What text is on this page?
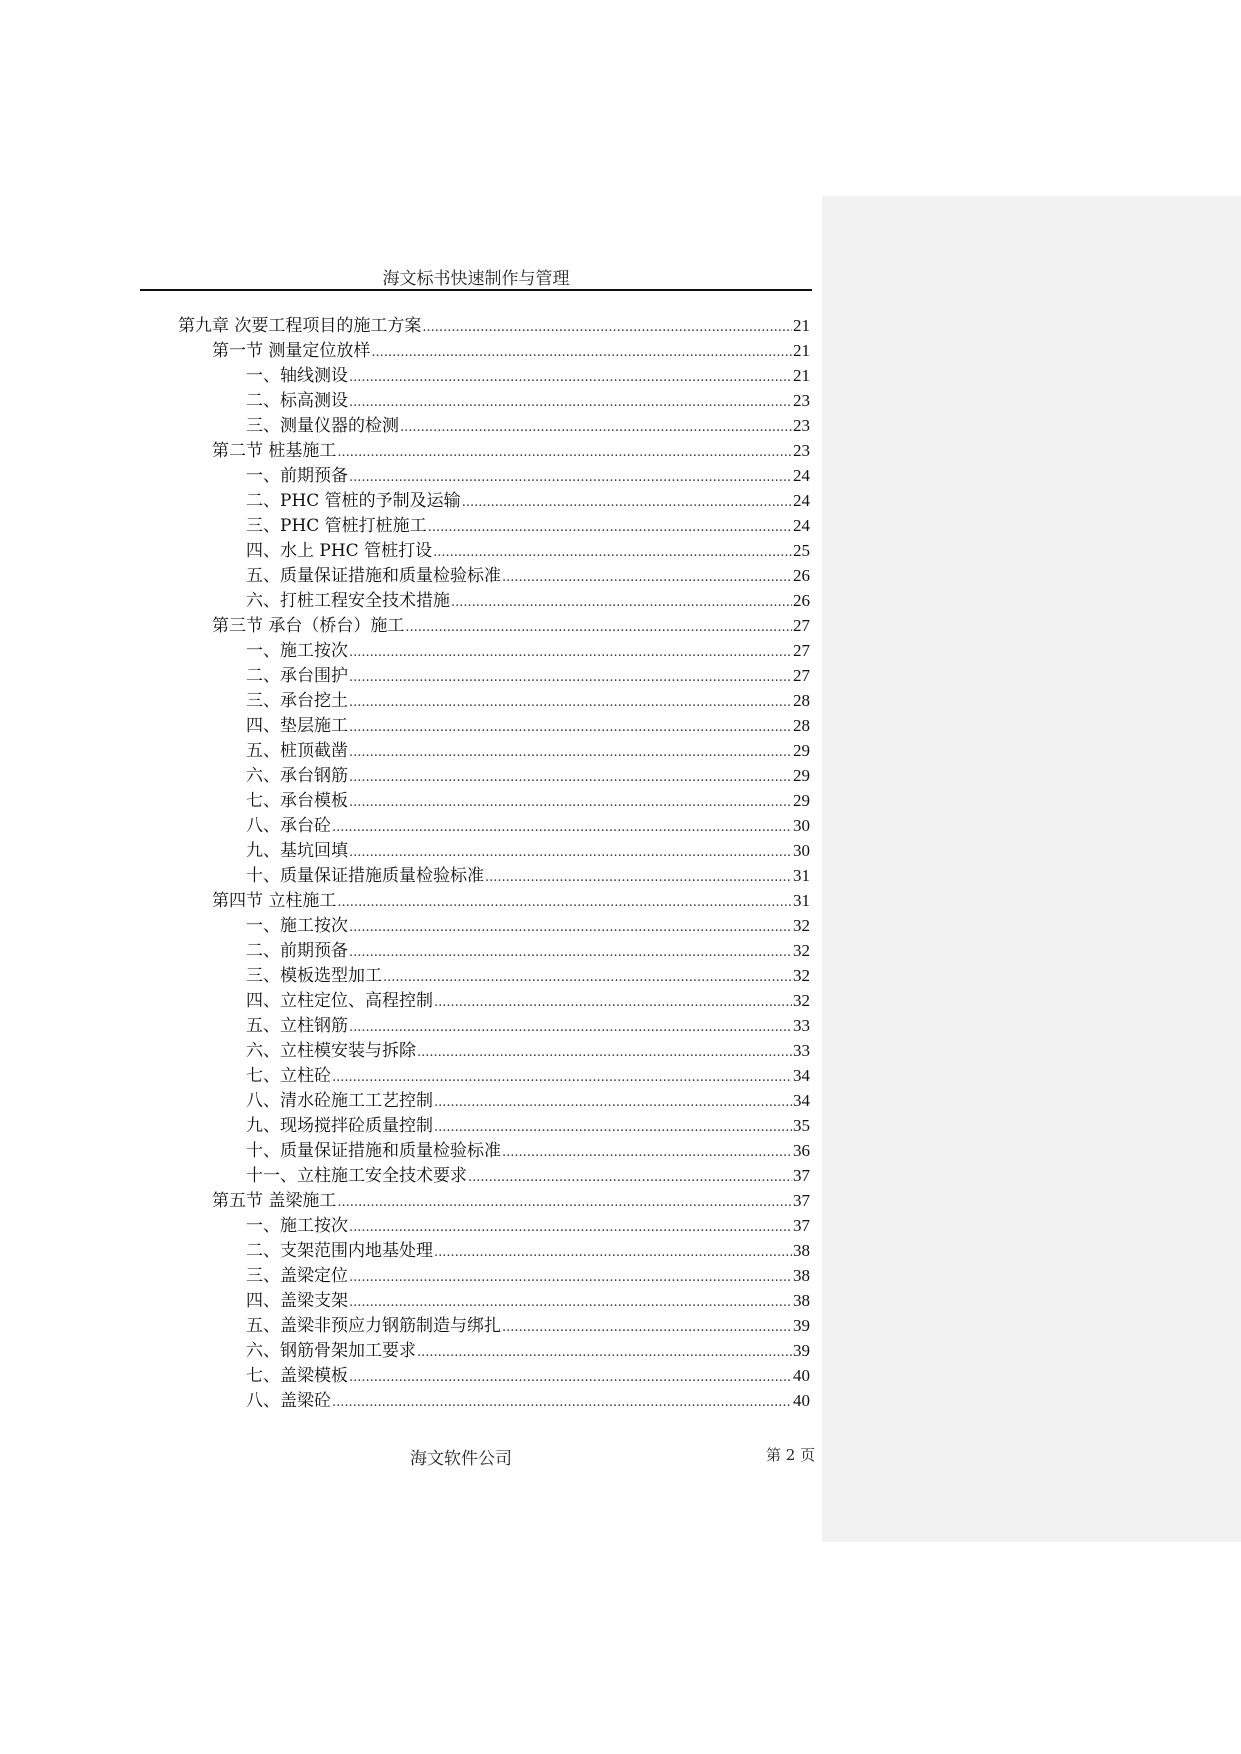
海文标书快速制作与管理
第九章 次要工程项目的施工方案 .....	21
第一节 测量定位放样 .....	21
一、 轴线测设 .....	21
二、 标高测设 .....	23
三、 测量仪器的检测 .....	23
第二节 桩基施工 .....	23
一、 前期预备 .....	24
二、 PHC 管桩的予制及运输 .....	24
三、 PHC 管桩打桩施工 .....	24
四、 水上 PHC 管桩打设 .....	25
五、 质量保证措施和质量检验标准 .....	26
六、 打桩工程安全技术措施 .....	26
第三节 承台（桥台）施工 .....	27
一、 施工按次 .....	27
二、 承台围护 .....	27
三、 承台挖土 .....	28
四、 垫层施工 .....	28
五、 桩顶截凿 .....	29
六、 承台钢筋 .....	29
七、 承台模板 .....	29
八、 承台砼 .....	30
九、 基坑回填 .....	30
十、 质量保证措施质量检验标准 .....	31
第四节 立柱施工 .....	31
一、 施工按次 .....	32
二、 前期预备 .....	32
三、 模板选型加工 .....	32
四、 立柱定位、高程控制 .....	32
五、 立柱钢筋 .....	33
六、 立柱模安装与拆除 .....	33
七、 立柱砼 .....	34
八、 清水砼施工工艺控制 .....	34
九、 现场搅拌砼质量控制 .....	35
十、 质量保证措施和质量检验标准 .....	36
十一、 立柱施工安全技术要求 .....	37
第五节 盖梁施工 .....	37
一、 施工按次 .....	37
二、 支架范围内地基处理 .....	38
三、 盖梁定位 .....	38
四、 盖梁支架 .....	38
五、 盖梁非预应力钢筋制造与绑扎 .....	39
六、 钢筋骨架加工要求 .....	39
七、 盖梁模板 .....	40
八、 盖梁砼 .....	40
海文软件公司	第 2 页
